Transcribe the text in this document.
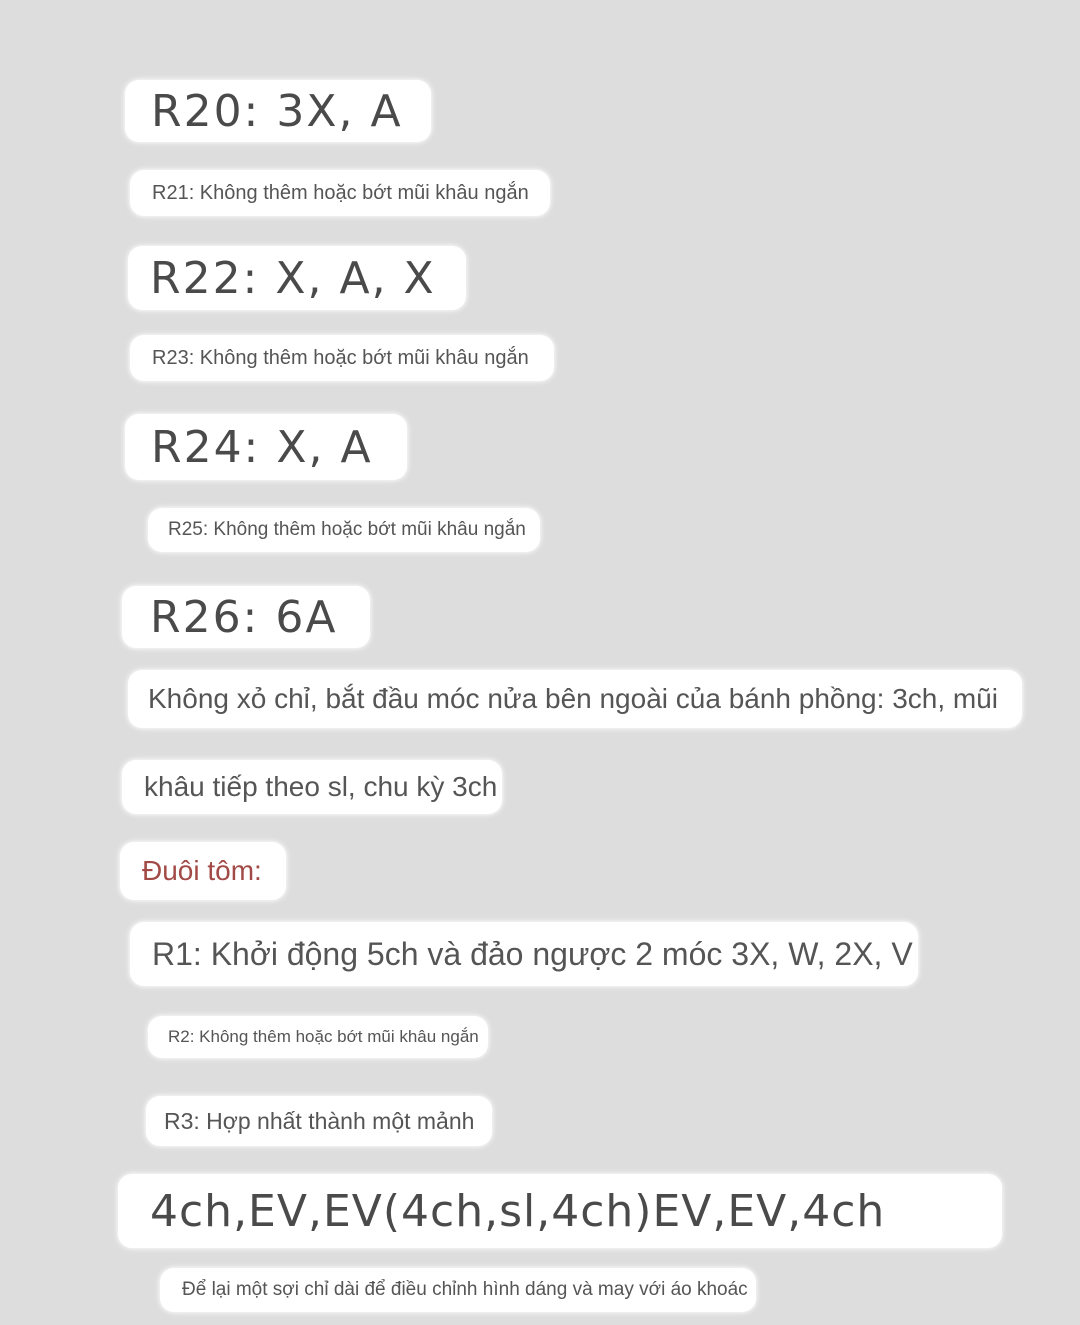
R20: 3X, A
R21: Không thêm hoặc bớt mũi khâu ngắn
R22: X, A, X
R23: Không thêm hoặc bớt mũi khâu ngắn
R24: X, A
R25: Không thêm hoặc bớt mũi khâu ngắn
R26: 6A
Không xỏ chỉ, bắt đầu móc nửa bên ngoài của bánh phồng: 3ch, mũi
khâu tiếp theo sl, chu kỳ 3ch
Đuôi tôm:
R1: Khởi động 5ch và đảo ngược 2 móc 3X, W, 2X, V
R2: Không thêm hoặc bớt mũi khâu ngắn
R3: Hợp nhất thành một mảnh
4ch,EV,EV(4ch,sl,4ch)EV,EV,4ch
Để lại một sợi chỉ dài để điều chỉnh hình dáng và may với áo khoác
